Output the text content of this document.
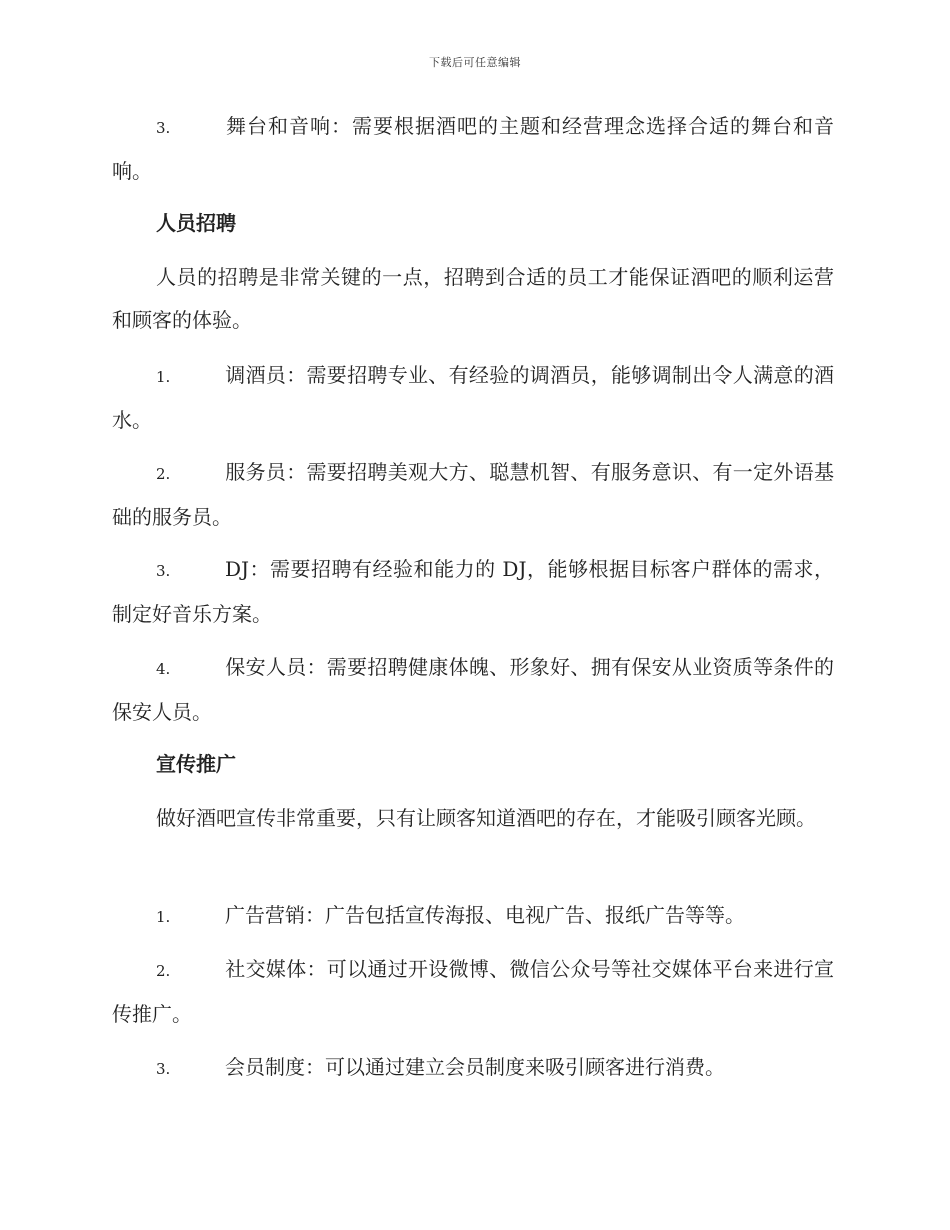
下载后可任意编辑
3.	舞台和音响：需要根据酒吧的主题和经营理念选择合适的舞台和音响。
人员招聘
人员的招聘是非常关键的一点，招聘到合适的员工才能保证酒吧的顺利运营和顾客的体验。
1.	调酒员：需要招聘专业、有经验的调酒员，能够调制出令人满意的酒水。
2.	服务员：需要招聘美观大方、聪慧机智、有服务意识、有一定外语基础的服务员。
3.	DJ：需要招聘有经验和能力的 DJ，能够根据目标客户群体的需求，制定好音乐方案。
4.	保安人员：需要招聘健康体魄、形象好、拥有保安从业资质等条件的保安人员。
宣传推广
做好酒吧宣传非常重要，只有让顾客知道酒吧的存在，才能吸引顾客光顾。
1.	广告营销：广告包括宣传海报、电视广告、报纸广告等等。
2.	社交媒体：可以通过开设微博、微信公众号等社交媒体平台来进行宣传推广。
3.	会员制度：可以通过建立会员制度来吸引顾客进行消费。
